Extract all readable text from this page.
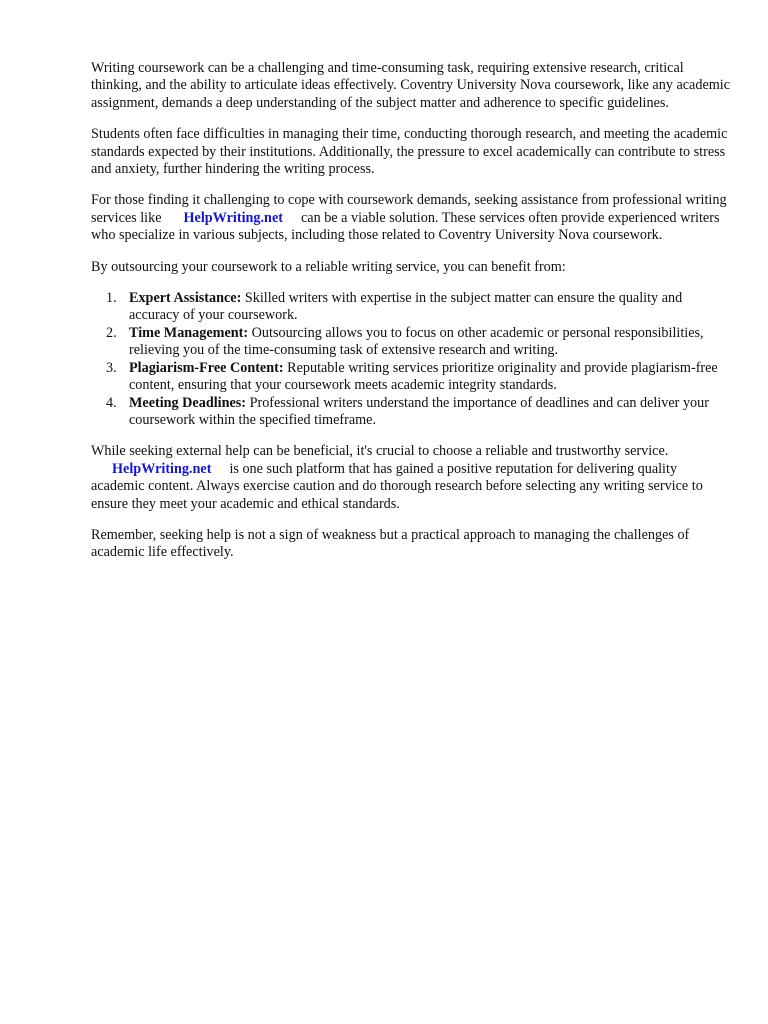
Writing coursework can be a challenging and time-consuming task, requiring extensive research, critical thinking, and the ability to articulate ideas effectively. Coventry University Nova coursework, like any academic assignment, demands a deep understanding of the subject matter and adherence to specific guidelines.

Students often face difficulties in managing their time, conducting thorough research, and meeting the academic standards expected by their institutions. Additionally, the pressure to excel academically can contribute to stress and anxiety, further hindering the writing process.

For those finding it challenging to cope with coursework demands, seeking assistance from professional writing services like HelpWriting.net can be a viable solution. These services often provide experienced writers who specialize in various subjects, including those related to Coventry University Nova coursework.

By outsourcing your coursework to a reliable writing service, you can benefit from:

1. Expert Assistance: Skilled writers with expertise in the subject matter can ensure the quality and accuracy of your coursework.
2. Time Management: Outsourcing allows you to focus on other academic or personal responsibilities, relieving you of the time-consuming task of extensive research and writing.
3. Plagiarism-Free Content: Reputable writing services prioritize originality and provide plagiarism-free content, ensuring that your coursework meets academic integrity standards.
4. Meeting Deadlines: Professional writers understand the importance of deadlines and can deliver your coursework within the specified timeframe.

While seeking external help can be beneficial, it's crucial to choose a reliable and trustworthy service.
HelpWriting.net is one such platform that has gained a positive reputation for delivering quality academic content. Always exercise caution and do thorough research before selecting any writing service to ensure they meet your academic and ethical standards.

Remember, seeking help is not a sign of weakness but a practical approach to managing the challenges of academic life effectively.
